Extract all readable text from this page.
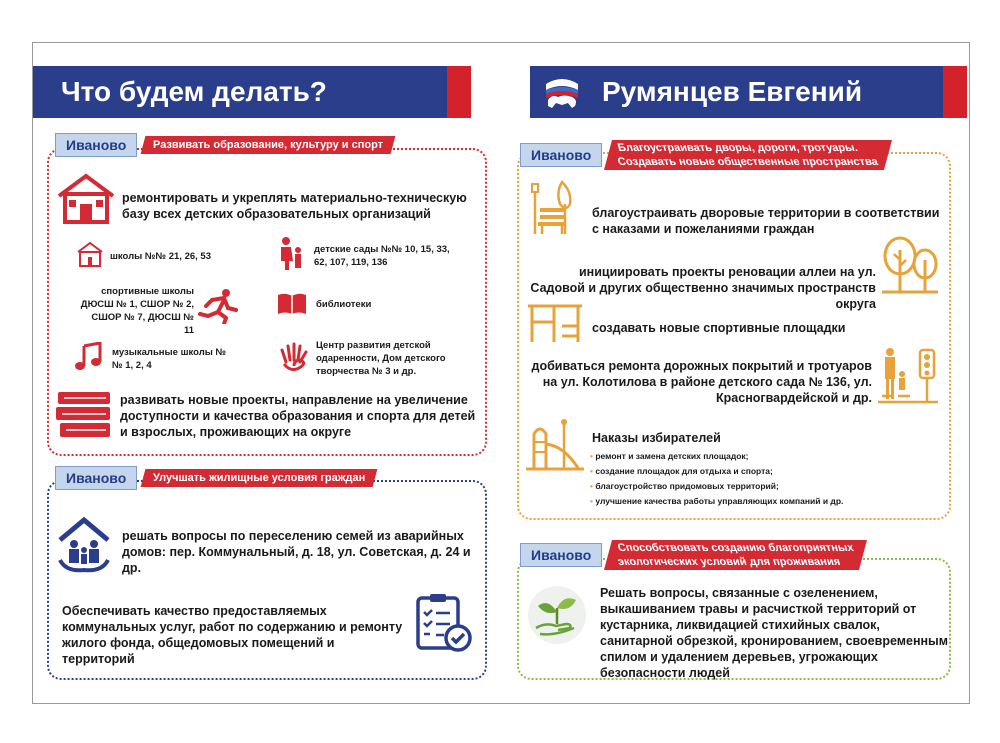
Что будем делать?	Румянцев Евгений
Иваново	Развивать образование, культуру и спорт
ремонтировать и укреплять материально-техническую базу всех детских образовательных организаций
школы №№ 21, 26, 53
детские сады №№ 10, 15, 33, 62, 107, 119, 136
спортивные школы ДЮСШ № 1, СШОР № 2, СШОР № 7, ДЮСШ № 11
библиотеки
музыкальные школы №№ 1, 2, 4
Центр развития детской одаренности, Дом детского творчества № 3 и др.
развивать новые проекты, направление на увеличение доступности и качества образования и спорта для детей и взрослых, проживающих на округе
Иваново	Улучшать жилищные условия граждан
решать вопросы по переселению семей из аварийных домов: пер. Коммунальный, д. 18, ул. Советская, д. 24 и др.
Обеспечивать качество предоставляемых коммунальных услуг, работ по содержанию и ремонту жилого фонда, общедомовых помещений и территорий
Иваново	Благоустраивать дворы, дороги, тротуары.
Создавать новые общественные пространства
благоустраивать дворовые территории в соответствии с наказами и пожеланиями граждан
инициировать проекты реновации аллеи на ул. Садовой и других общественно значимых пространств округа
создавать новые спортивные площадки
добиваться ремонта дорожных покрытий и тротуаров на ул. Колотилова в районе детского сада № 136, ул. Красногвардейской и др.
Наказы избирателей
• ремонт и замена детских площадок;
• создание площадок для отдыха и спорта;
• благоустройство придомовых территорий;
• улучшение качества работы управляющих компаний и др.
Иваново	Способствовать созданию благоприятных
экологических условий для проживания
Решать вопросы, связанные с озеленением, выкашиванием травы и расчисткой территорий от кустарника, ликвидацией стихийных свалок, санитарной обрезкой, кронированием, своевременным спилом и удалением деревьев, угрожающих безопасности людей
